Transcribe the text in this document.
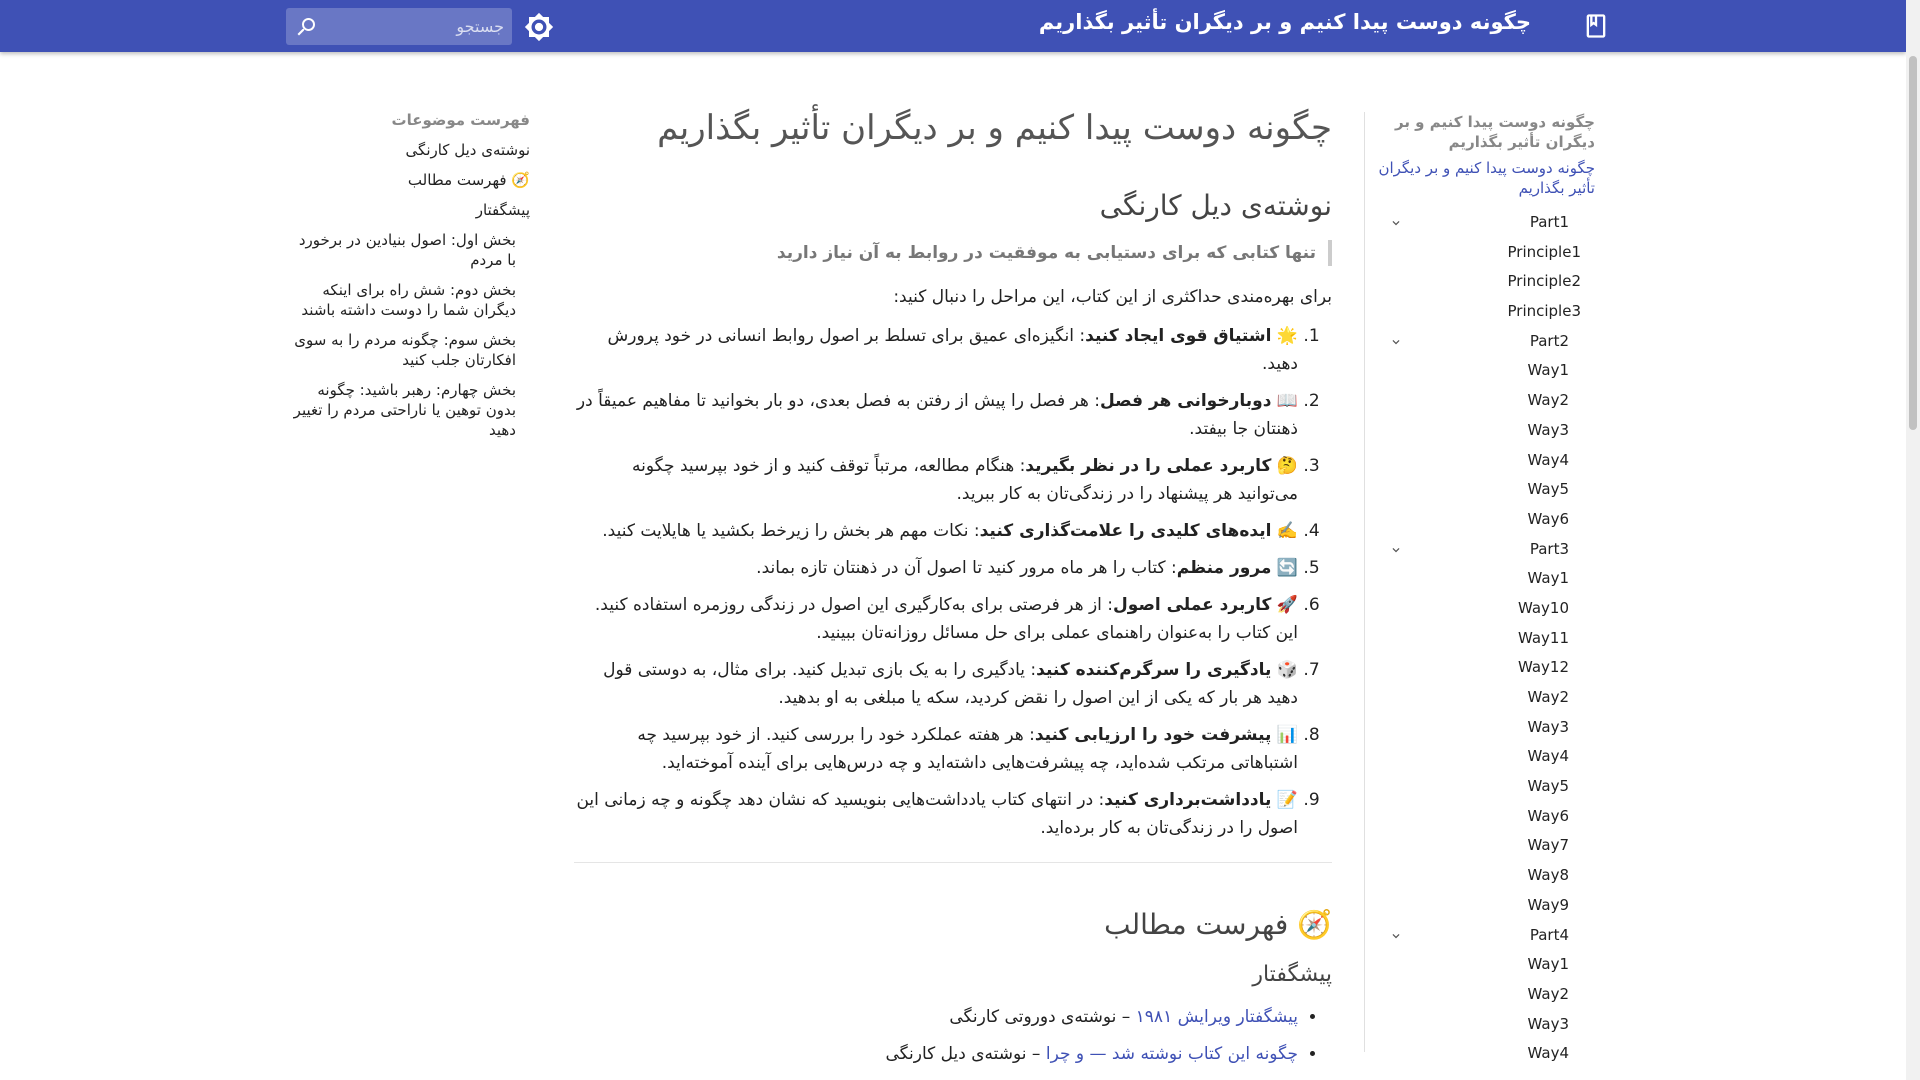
چگونه دوست پیدا کنیم و بر دیگران تأثیر بگذاریم
جستجو
چگونه دوست پیدا کنیم و بر دیگران تأثیر بگذاریم
چگونه دوست پیدا کنیم و بر دیگران تأثیر بگذاریم
Part1
Principle1
Principle2
Principle3
Part2
Way1
Way2
Way3
Way4
Way5
Way6
Part3
Way1
Way10
Way11
Way12
Way2
Way3
Way4
Way5
Way6
Way7
Way8
Way9
Part4
Way1
Way2
Way3
Way4
چگونه دوست پیدا کنیم و بر دیگران تأثیر بگذاریم
نوشته‌ی دیل کارنگی
تنها کتابی که برای دستیابی به موفقیت در روابط به آن نیاز دارید

برای بهره‌مندی حداکثری از این کتاب، این مراحل را دنبال کنید:

1. 🌟 اشتیاق قوی ایجاد کنید: انگیزه‌ای عمیق برای تسلط بر اصول روابط انسانی در خود پرورش دهید.
2. 📖 دوبارخوانی هر فصل: هر فصل را پیش از رفتن به فصل بعدی، دو بار بخوانید تا مفاهیم عمیقاً در ذهنتان جا بیفتد.
3. 🤔 کاربرد عملی را در نظر بگیرید: هنگام مطالعه، مرتباً توقف کنید و از خود بپرسید چگونه می‌توانید هر پیشنهاد را در زندگی‌تان به کار ببرید.
4. ✍️ ایده‌های کلیدی را علامت‌گذاری کنید: نکات مهم هر بخش را زیرخط بکشید یا هایلایت کنید.
5. 🔄 مرور منظم: کتاب را هر ماه مرور کنید تا اصول آن در ذهنتان تازه بماند.
6. 🚀 کاربرد عملی اصول: از هر فرصتی برای به‌کارگیری این اصول در زندگی روزمره استفاده کنید. این کتاب را به‌عنوان راهنمای عملی برای حل مسائل روزانه‌تان ببینید.
7. 🎲 یادگیری را سرگرم‌کننده کنید: یادگیری را به یک بازی تبدیل کنید. برای مثال، به دوستی قول دهید هر بار که یکی از این اصول را نقض کردید، سکه یا مبلغی به او بدهید.
8. 📊 پیشرفت خود را ارزیابی کنید: هر هفته عملکرد خود را بررسی کنید. از خود بپرسید چه اشتباهاتی مرتکب شده‌اید، چه پیشرفت‌هایی داشته‌اید و چه درس‌هایی برای آینده آموخته‌اید.
9. 📝 یادداشت‌برداری کنید: در انتهای کتاب یادداشت‌هایی بنویسید که نشان دهد چگونه و چه زمانی این اصول را در زندگی‌تان به کار برده‌اید.
🧭 فهرست مطالب
پیشگفتار
• پیشگفتار ویرایش ۱۹۸۱ – نوشته‌ی دوروتی کارنگی
• چگونه این کتاب نوشته شد — و چرا – نوشته‌ی دیل کارنگی
فهرست موضوعات
نوشته‌ی دیل کارنگی
🧭 فهرست مطالب
پیشگفتار
بخش اول: اصول بنیادین در برخورد با مردم
بخش دوم: شش راه برای اینکه دیگران شما را دوست داشته باشند
بخش سوم: چگونه مردم را به سوی افکارتان جلب کنید
بخش چهارم: رهبر باشید: چگونه بدون توهین یا ناراحتی مردم را تغییر دهید
